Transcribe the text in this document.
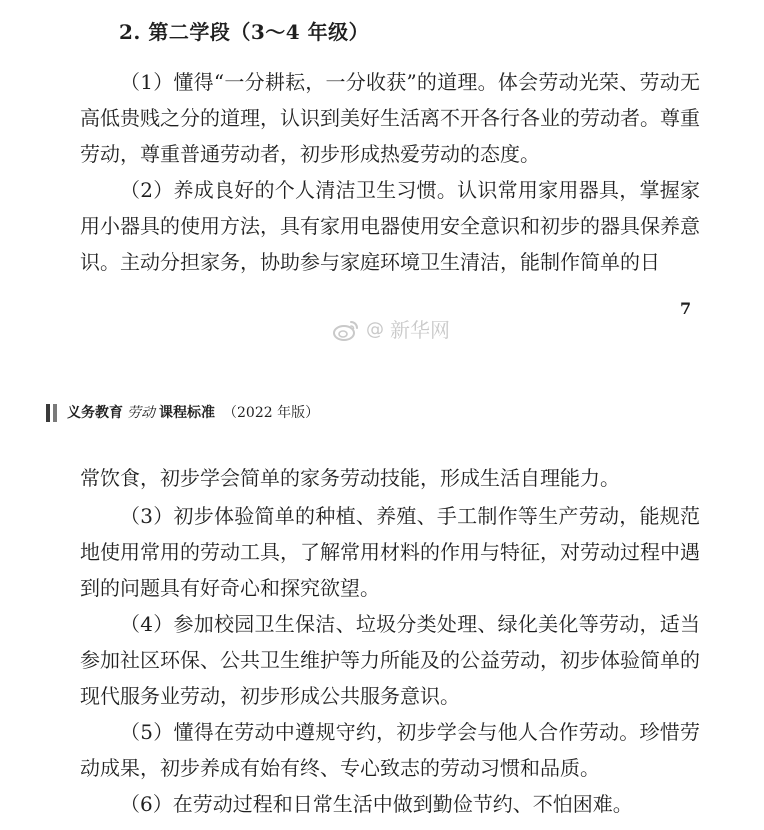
2. 第二学段（3～4 年级）

（1）懂得“一分耕耘，一分收获”的道理。体会劳动光荣、劳动无高低贵贱之分的道理，认识到美好生活离不开各行各业的劳动者。尊重劳动，尊重普通劳动者，初步形成热爱劳动的态度。

（2）养成良好的个人清洁卫生习惯。认识常用家用器具，掌握家用小器具的使用方法，具有家用电器使用安全意识和初步的器具保养意识。主动分担家务，协助参与家庭环境卫生清洁，能制作简单的日

7
@ 新华网
义务教育 劳动 课程标准 （2022 年版）

常饮食，初步学会简单的家务劳动技能，形成生活自理能力。

（3）初步体验简单的种植、养殖、手工制作等生产劳动，能规范地使用常用的劳动工具，了解常用材料的作用与特征，对劳动过程中遇到的问题具有好奇心和探究欲望。

（4）参加校园卫生保洁、垃圾分类处理、绿化美化等劳动，适当参加社区环保、公共卫生维护等力所能及的公益劳动，初步体验简单的现代服务业劳动，初步形成公共服务意识。

（5）懂得在劳动中遵规守约，初步学会与他人合作劳动。珍惜劳动成果，初步养成有始有终、专心致志的劳动习惯和品质。

（6）在劳动过程和日常生活中做到勤俭节约、不怕困难。
